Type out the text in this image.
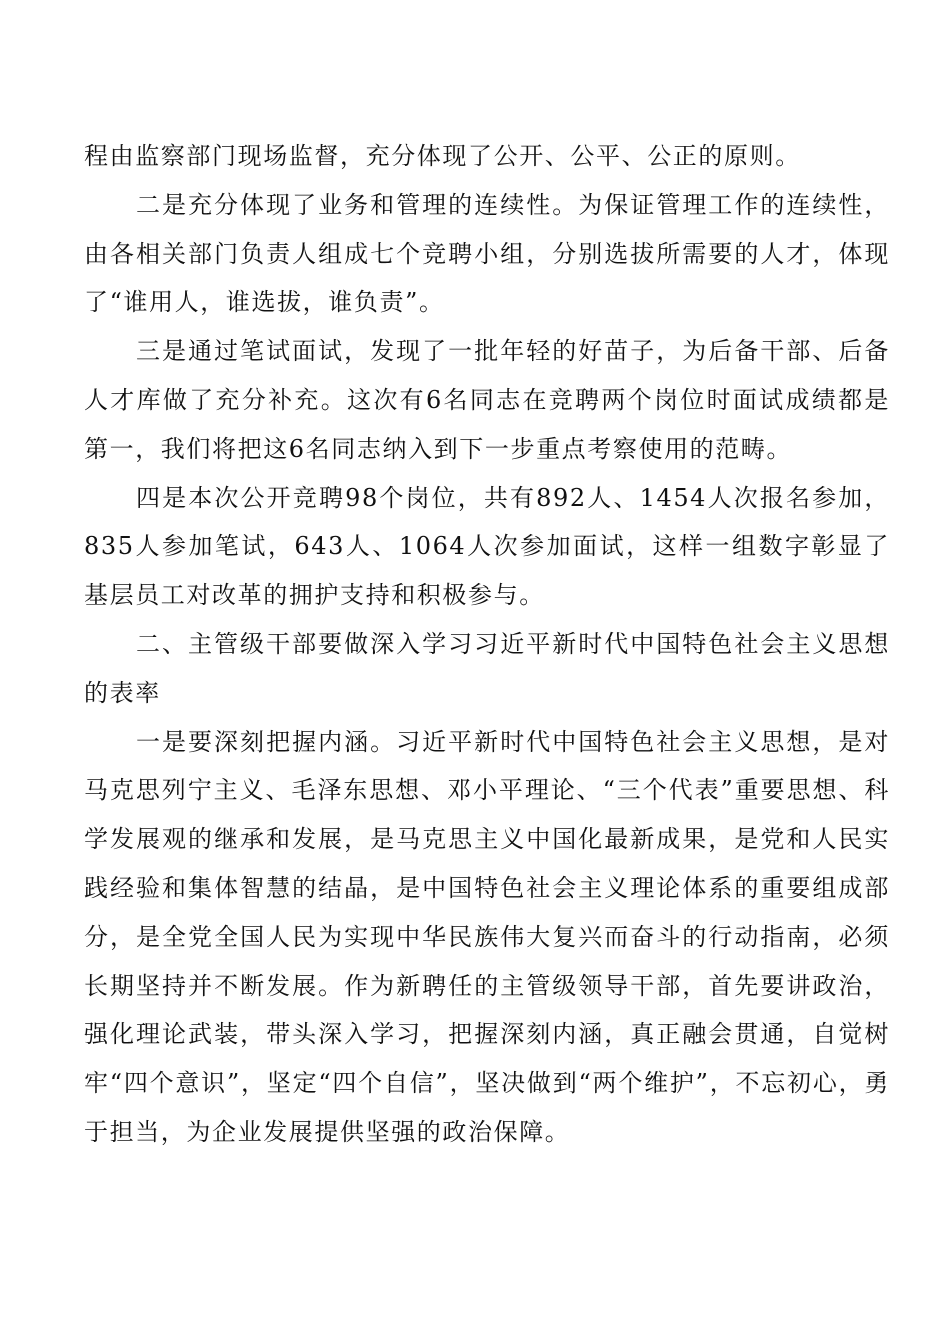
程由监察部门现场监督，充分体现了公开、公平、公正的原则。

二是充分体现了业务和管理的连续性。为保证管理工作的连续性，由各相关部门负责人组成七个竞聘小组，分别选拔所需要的人才，体现了“谁用人，谁选拔，谁负责”。

三是通过笔试面试，发现了一批年轻的好苗子，为后备干部、后备人才库做了充分补充。这次有6名同志在竞聘两个岗位时面试成绩都是第一，我们将把这6名同志纳入到下一步重点考察使用的范畴。

四是本次公开竞聘98个岗位，共有892人、1454人次报名参加，835人参加笔试，643人、1064人次参加面试，这样一组数字彰显了基层员工对改革的拥护支持和积极参与。

二、主管级干部要做深入学习习近平新时代中国特色社会主义思想的表率

一是要深刻把握内涵。习近平新时代中国特色社会主义思想，是对马克思列宁主义、毛泽东思想、邓小平理论、“三个代表”重要思想、科学发展观的继承和发展，是马克思主义中国化最新成果，是党和人民实践经验和集体智慧的结晶，是中国特色社会主义理论体系的重要组成部分，是全党全国人民为实现中华民族伟大复兴而奋斗的行动指南，必须长期坚持并不断发展。作为新聘任的主管级领导干部，首先要讲政治，强化理论武装，带头深入学习，把握深刻内涵，真正融会贯通，自觉树牢“四个意识”，坚定“四个自信”，坚决做到“两个维护”，不忘初心，勇于担当，为企业发展提供坚强的政治保障。
